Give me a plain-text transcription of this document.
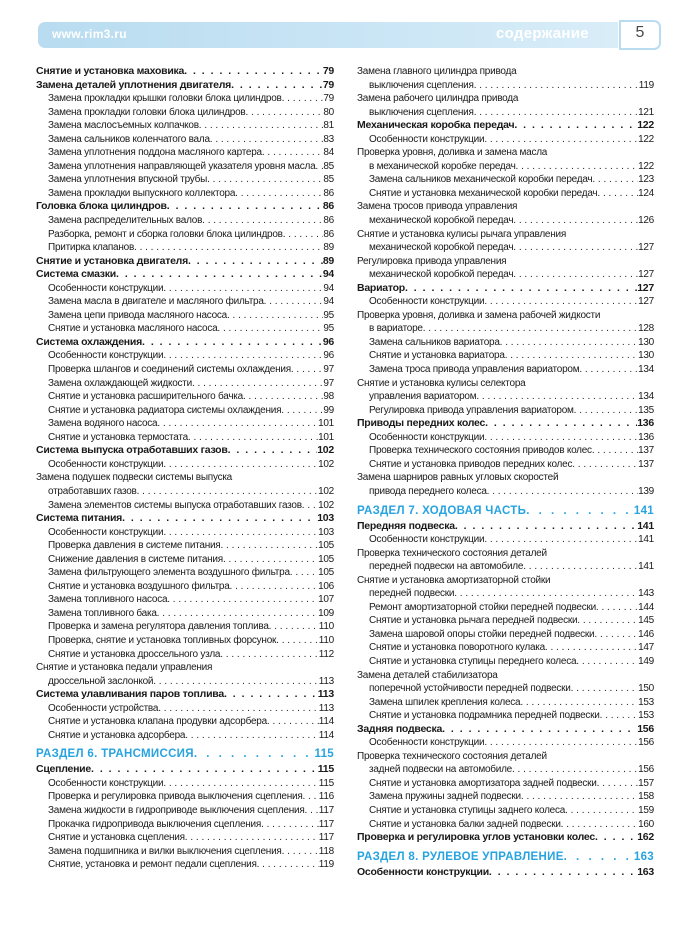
www.rim3.ru	содержание	5
Снятие и установка маховика . . .	79
Замена деталей уплотнения двигателя . . .	79
Замена прокладки крышки головки блока цилиндров . . .	79
Замена прокладки головки блока цилиндров . . .	80
Замена маслосъемных колпачков . . .	81
Замена сальников коленчатого вала . . .	83
Замена уплотнения поддона масляного картера . . .	84
Замена уплотнения направляющей указателя уровня масла . . . 85
Замена уплотнения впускной трубы . . .	85
Замена прокладки выпускного коллектора . . .	86
Головка блока цилиндров . . .	86
Замена распределительных валов . . .	86
Разборка, ремонт и сборка головки блока цилиндров . . .	86
Притирка клапанов . . .	89
Снятие и установка двигателя . . .	89
Система смазки . . .	94
Особенности конструкции . . .	94
Замена масла в двигателе и масляного фильтра . . .	94
Замена цепи привода масляного насоса . . .	95
Снятие и установка масляного насоса . . .	95
Система охлаждения . . .	96
Особенности конструкции . . .	96
Проверка шлангов и соединений системы охлаждения . . .	97
Замена охлаждающей жидкости . . .	97
Снятие и установка расширительного бачка . . .	98
Снятие и установка радиатора системы охлаждения . . .	99
Замена водяного насоса . . .	101
Снятие и установка термостата . . .	101
Система выпуска отработавших газов . . .	102
Особенности конструкции . . .	102
Замена подушек подвески системы выпуска
отработавших газов . . .	102
Замена элементов системы выпуска отработавших газов . . . 102
Система питания . . .	103
Особенности конструкции . . .	103
Проверка давления в системе питания . . .	105
Снижение давления в системе питания . . .	105
Замена фильтрующего элемента воздушного фильтра . . .	105
Снятие и установка воздушного фильтра . . .	106
Замена топливного насоса . . .	107
Замена топливного бака . . .	109
Проверка и замена регулятора давления топлива . . .	110
Проверка, снятие и установка топливных форсунок . . .	110
Снятие и установка дроссельного узла . . .	112
Снятие и установка педали управления
дроссельной заслонкой . . .	113
Система улавливания паров топлива . . .	113
Особенности устройства . . .	113
Снятие и установка клапана продувки адсорбера . . .	114
Снятие и установка адсорбера . . .	114
РАЗДЕЛ 6. ТРАНСМИССИЯ . . .	115
Сцепление . . .	115
Особенности конструкции . . .	115
Проверка и регулировка привода выключения сцепления . . . 116
Замена жидкости в гидроприводе выключения сцепления . . . 117
Прокачка гидропривода выключения сцепления . . .	117
Снятие и установка сцепления . . .	117
Замена подшипника и вилки выключения сцепления . . .	118
Снятие, установка и ремонт педали сцепления . . .	119
Замена главного цилиндра привода
выключения сцепления . . .	119
Замена рабочего цилиндра привода
выключения сцепления . . .	121
Механическая коробка передач . . .	122
Особенности конструкции . . .	122
Проверка уровня, доливка и замена масла
в механической коробке передач . . .	122
Замена сальников механической коробки передач . . .	123
Снятие и установка механической коробки передач . . .	124
Замена тросов привода управления
механической коробкой передач . . .	126
Снятие и установка кулисы рычага управления
механической коробкой передач . . .	127
Регулировка привода управления
механической коробкой передач . . .	127
Вариатор . . .	127
Особенности конструкции . . .	127
Проверка уровня, доливка и замена рабочей жидкости
в вариаторе . . .	128
Замена сальников вариатора . . .	130
Снятие и установка вариатора . . .	130
Замена троса привода управления вариатором . . .	134
Снятие и установка кулисы селектора
управления вариатором . . .	134
Регулировка привода управления вариатором . . .	135
Приводы передних колес . . .	136
Особенности конструкции . . .	136
Проверка технического состояния приводов колес . . .	137
Снятие и установка приводов передних колес . . .	137
Замена шарниров равных угловых скоростей
привода переднего колеса . . .	139
РАЗДЕЛ 7. ХОДОВАЯ ЧАСТЬ . . .	141
Передняя подвеска . . .	141
Особенности конструкции . . .	141
Проверка технического состояния деталей
передней подвески на автомобиле . . .	141
Снятие и установка амортизаторной стойки
передней подвески . . .	143
Ремонт амортизаторной стойки передней подвески . . .	144
Снятие и установка рычага передней подвески . . .	145
Замена шаровой опоры стойки передней подвески . . .	146
Снятие и установка поворотного кулака . . .	147
Снятие и установка ступицы переднего колеса . . .	149
Замена деталей стабилизатора
поперечной устойчивости передней подвески . . .	150
Замена шпилек крепления колеса . . .	153
Снятие и установка подрамника передней подвески . . .	153
Задняя подвеска . . .	156
Особенности конструкции . . .	156
Проверка технического состояния деталей
задней подвески на автомобиле . . .	156
Снятие и установка амортизатора задней подвески . . .	157
Замена пружины задней подвески . . .	158
Снятие и установка ступицы заднего колеса . . .	159
Снятие и установка балки задней подвески . . .	160
Проверка и регулировка углов установки колес . . .	162
РАЗДЕЛ 8. РУЛЕВОЕ УПРАВЛЕНИЕ . . .	163
Особенности конструкции . . .	163
